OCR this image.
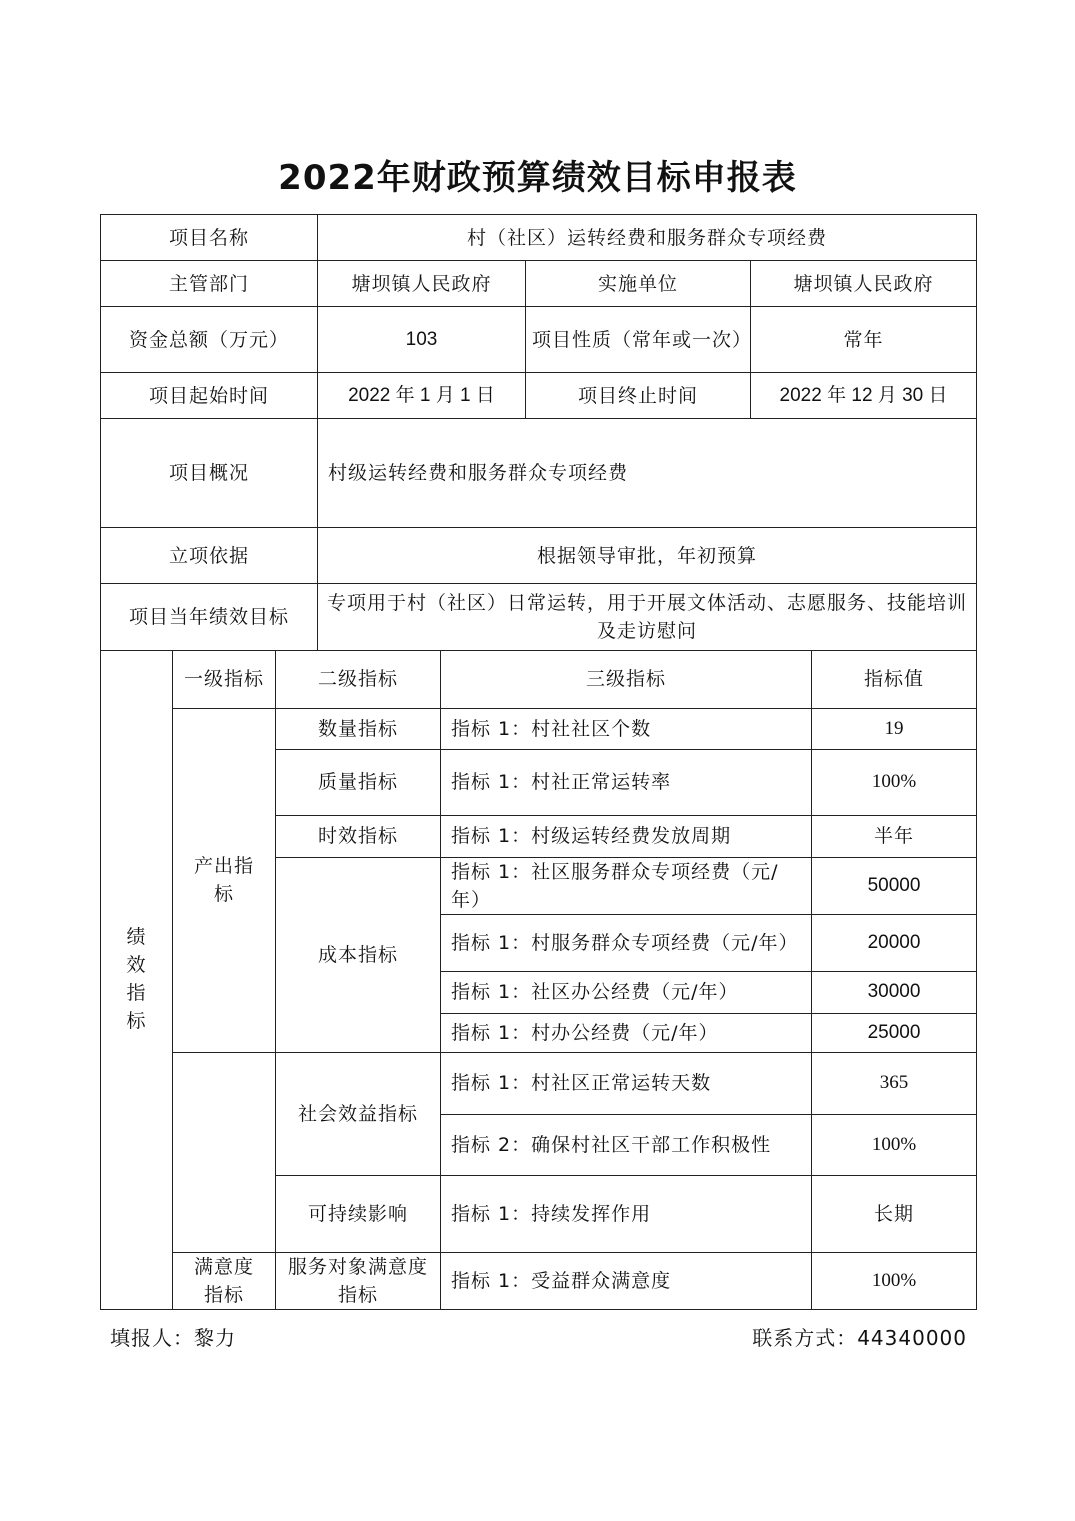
2022年财政预算绩效目标申报表
项目名称	村（社区）运转经费和服务群众专项经费		
主管部门	塘坝镇人民政府	实施单位	塘坝镇人民政府
资金总额（万元）	103	项目性质（常年或一次）	常年
项目起始时间	2022 年 1 月 1 日	项目终止时间	2022 年 12 月 30 日
项目概况	村级运转经费和服务群众专项经费		
立项依据	根据领导审批，年初预算		
项目当年绩效目标	专项用于村（社区）日常运转，用于开展文体活动、志愿服务、技能培训及走访慰问		
绩效指标	一级指标	二级指标	三级指标	指标值
	产出指标	数量指标	指标 1：村社社区个数	19
		质量指标	指标 1：村社正常运转率	100%
		时效指标	指标 1：村级运转经费发放周期	半年
		成本指标	指标 1：社区服务群众专项经费（元/年）	50000
			指标 1：村服务群众专项经费（元/年）	20000
			指标 1：社区办公经费（元/年）	30000
			指标 1：村办公经费（元/年）	25000
		社会效益指标	指标 1：村社区正常运转天数	365
			指标 2：确保村社区干部工作积极性	100%
		可持续影响	指标 1：持续发挥作用	长期
	满意度指标	服务对象满意度指标	指标 1：受益群众满意度	100%
填报人：黎力	联系方式：44340000
